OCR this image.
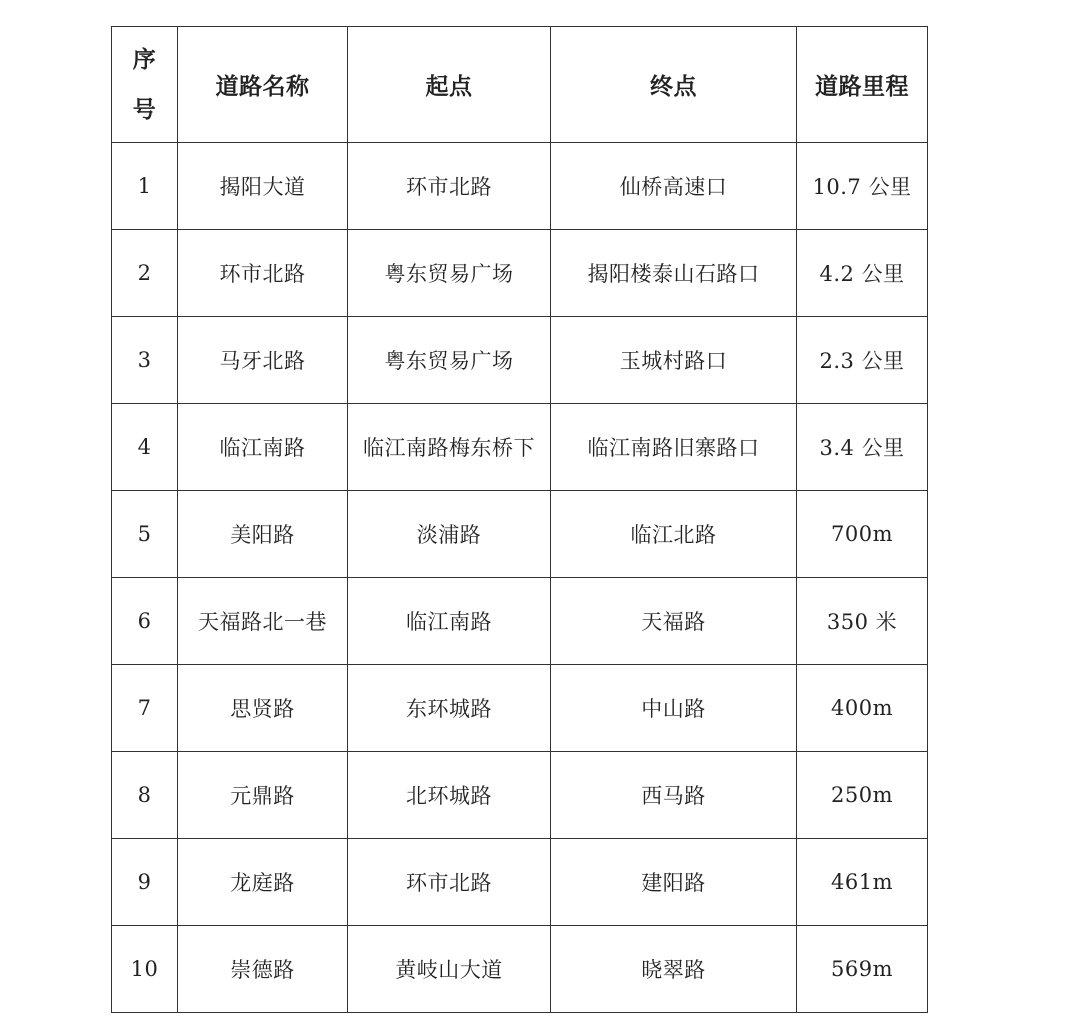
序号	道路名称	起点	终点	道路里程
1	揭阳大道	环市北路	仙桥高速口	10.7 公里
2	环市北路	粤东贸易广场	揭阳楼泰山石路口	4.2 公里
3	马牙北路	粤东贸易广场	玉城村路口	2.3 公里
4	临江南路	临江南路梅东桥下	临江南路旧寨路口	3.4 公里
5	美阳路	淡浦路	临江北路	700m
6	天福路北一巷	临江南路	天福路	350 米
7	思贤路	东环城路	中山路	400m
8	元鼎路	北环城路	西马路	250m
9	龙庭路	环市北路	建阳路	461m
10	崇德路	黄岐山大道	晓翠路	569m
